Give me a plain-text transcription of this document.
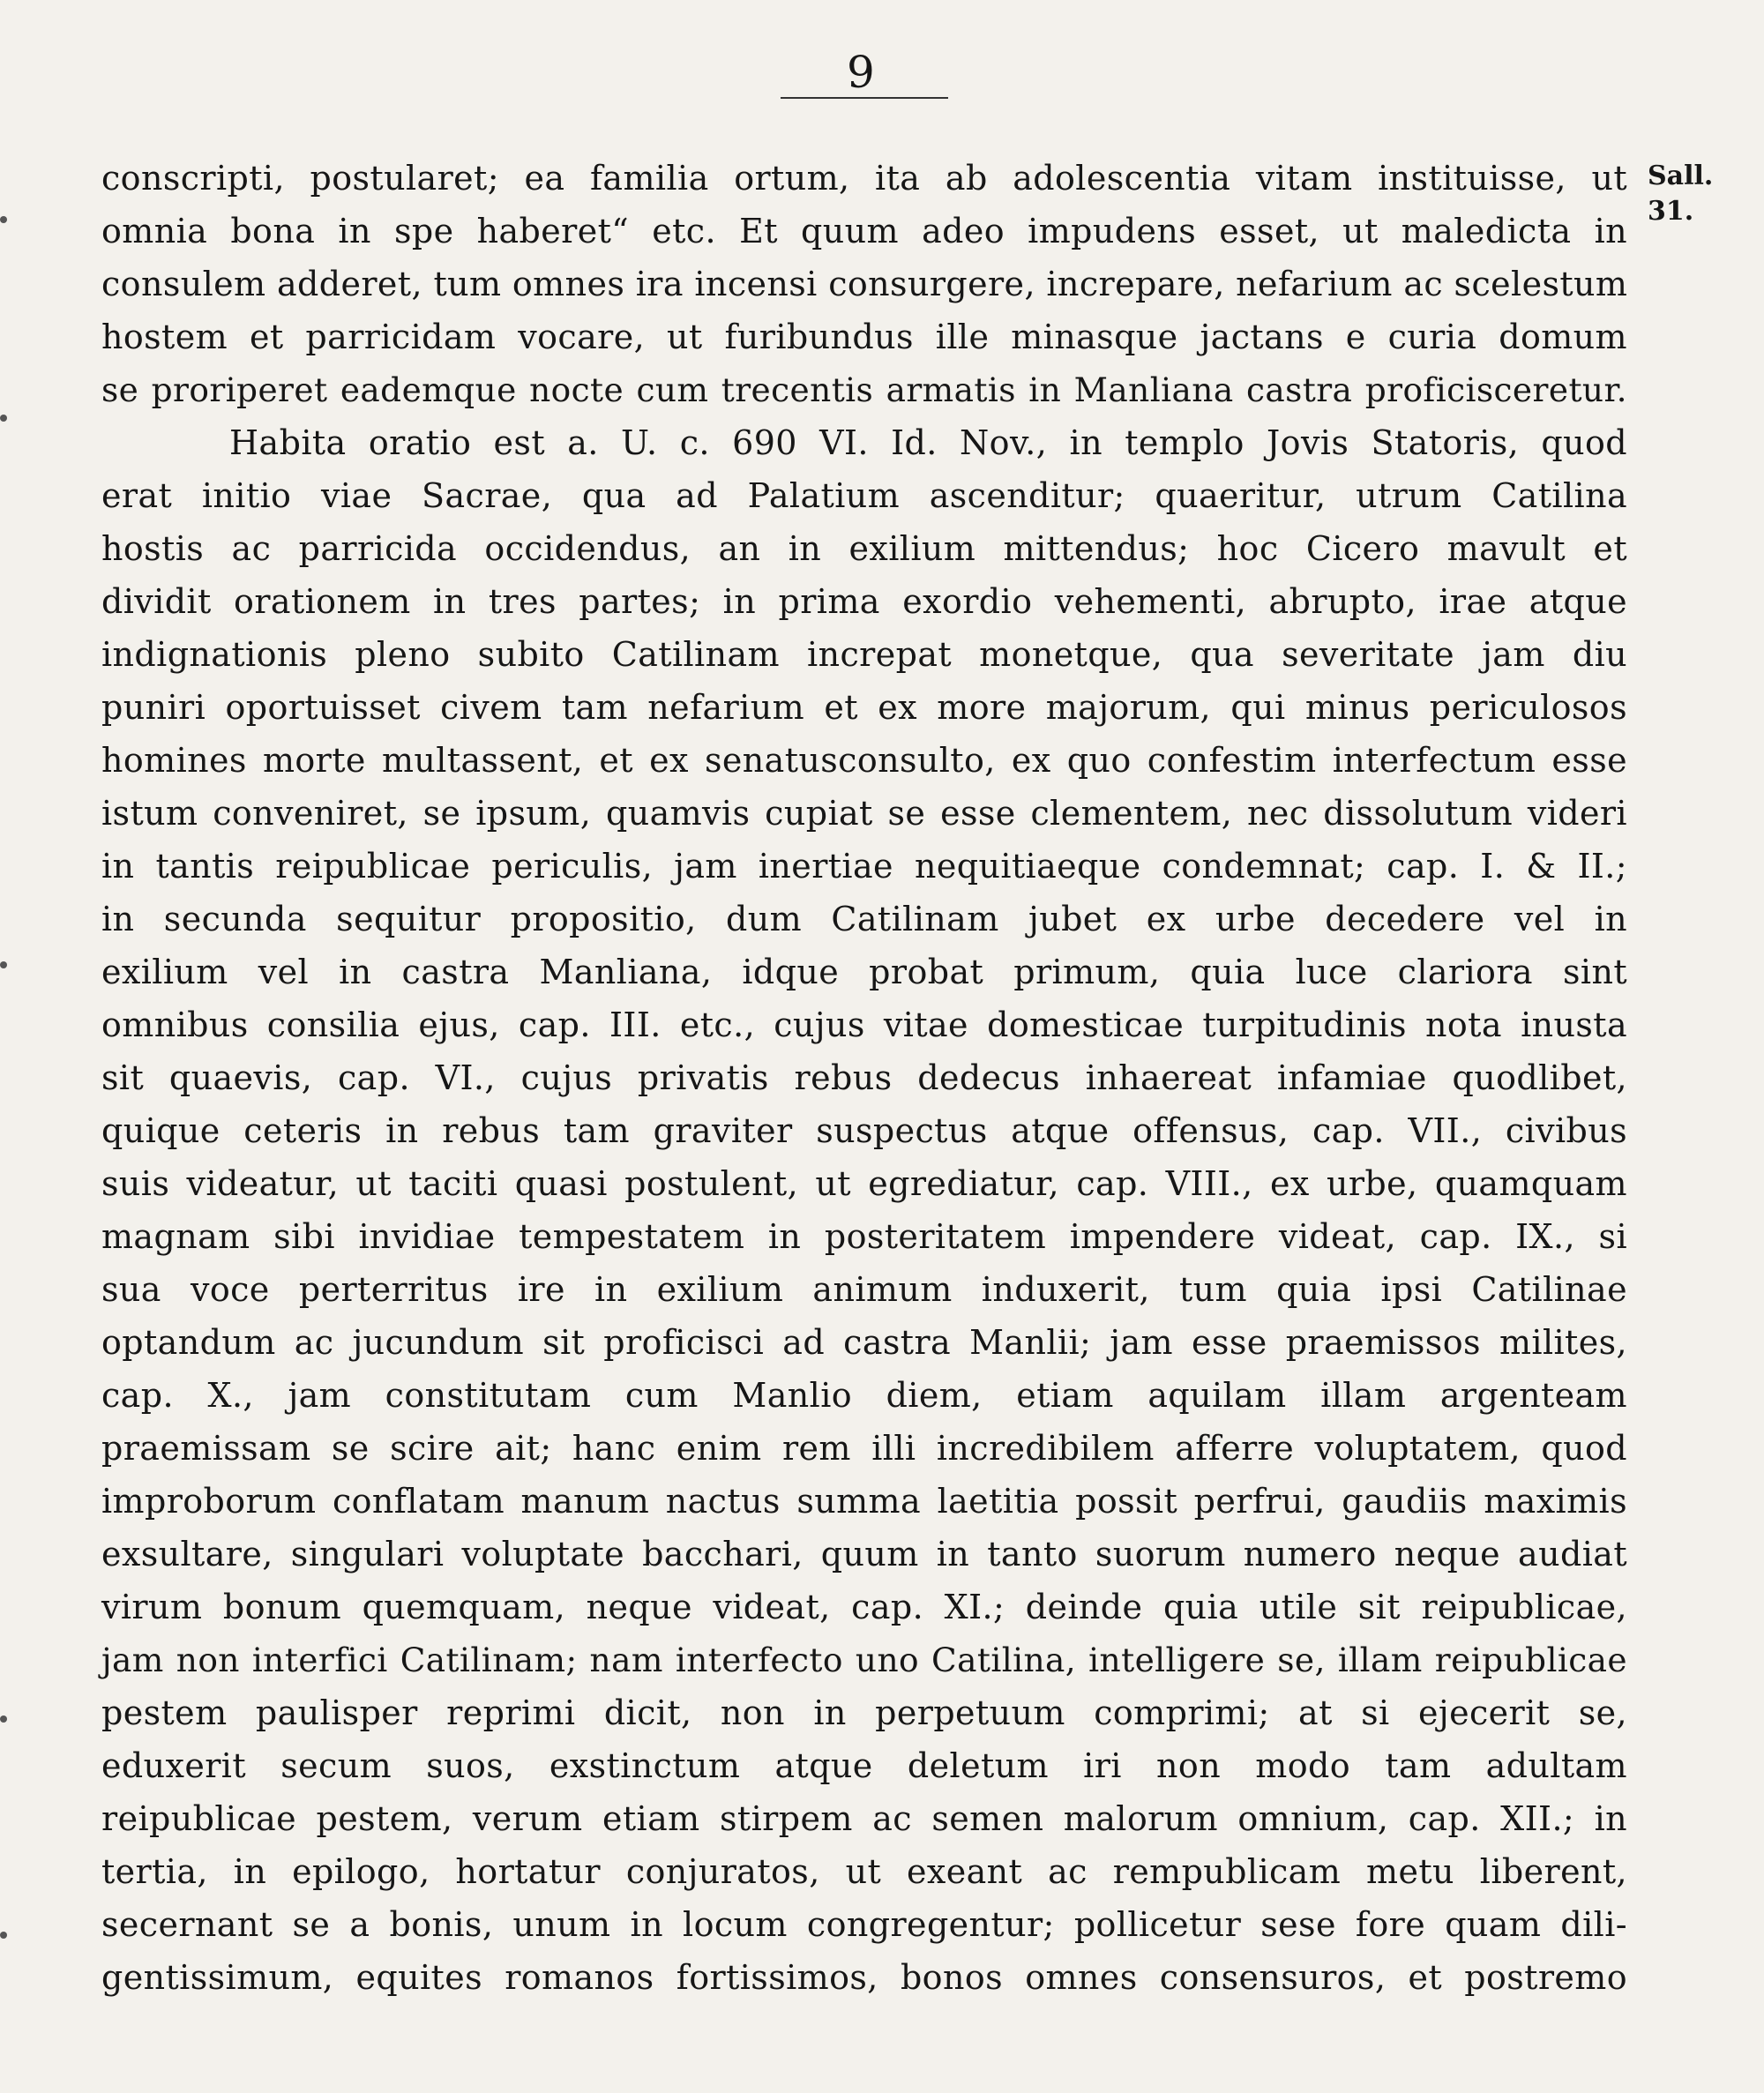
9
Sall. 31.
conscripti, postularet; ea familia ortum, ita ab adolescentia vitam instituisse, ut
omnia bona in spe haberet“ etc. Et quum adeo impudens esset, ut maledicta in
consulem adderet, tum omnes ira incensi consurgere, increpare, nefarium ac scelestum
hostem et parricidam vocare, ut furibundus ille minasque jactans e curia domum
se proriperet eademque nocte cum trecentis armatis in Manliana castra proficisceretur.
Habita oratio est a. U. c. 690 VI. Id. Nov., in templo Jovis Statoris, quod
erat initio viae Sacrae, qua ad Palatium ascenditur; quaeritur, utrum Catilina
hostis ac parricida occidendus, an in exilium mittendus; hoc Cicero mavult et
dividit orationem in tres partes; in prima exordio vehementi, abrupto, irae atque
indignationis pleno subito Catilinam increpat monetque, qua severitate jam diu
puniri oportuisset civem tam nefarium et ex more majorum, qui minus periculosos
homines morte multassent, et ex senatusconsulto, ex quo confestim interfectum esse
istum conveniret, se ipsum, quamvis cupiat se esse clementem, nec dissolutum videri
in tantis reipublicae periculis, jam inertiae nequitiaeque condemnat; cap. I. & II.;
in secunda sequitur propositio, dum Catilinam jubet ex urbe decedere vel in
exilium vel in castra Manliana, idque probat primum, quia luce clariora sint
omnibus consilia ejus, cap. III. etc., cujus vitae domesticae turpitudinis nota inusta
sit quaevis, cap. VI., cujus privatis rebus dedecus inhaereat infamiae quodlibet,
quique ceteris in rebus tam graviter suspectus atque offensus, cap. VII., civibus
suis videatur, ut taciti quasi postulent, ut egrediatur, cap. VIII., ex urbe, quamquam
magnam sibi invidiae tempestatem in posteritatem impendere videat, cap. IX., si
sua voce perterritus ire in exilium animum induxerit, tum quia ipsi Catilinae
optandum ac jucundum sit proficisci ad castra Manlii; jam esse praemissos milites,
cap. X., jam constitutam cum Manlio diem, etiam aquilam illam argenteam
praemissam se scire ait; hanc enim rem illi incredibilem afferre voluptatem, quod
improborum conflatam manum nactus summa laetitia possit perfrui, gaudiis maximis
exsultare, singulari voluptate bacchari, quum in tanto suorum numero neque audiat
virum bonum quemquam, neque videat, cap. XI.; deinde quia utile sit reipublicae,
jam non interfici Catilinam; nam interfecto uno Catilina, intelligere se, illam reipublicae
pestem paulisper reprimi dicit, non in perpetuum comprimi; at si ejecerit se,
eduxerit secum suos, exstinctum atque deletum iri non modo tam adultam
reipublicae pestem, verum etiam stirpem ac semen malorum omnium, cap. XII.; in
tertia, in epilogo, hortatur conjuratos, ut exeant ac rempublicam metu liberent,
secernant se a bonis, unum in locum congregentur; pollicetur sese fore quam dili-
gentissimum, equites romanos fortissimos, bonos omnes consensuros, et postremo
